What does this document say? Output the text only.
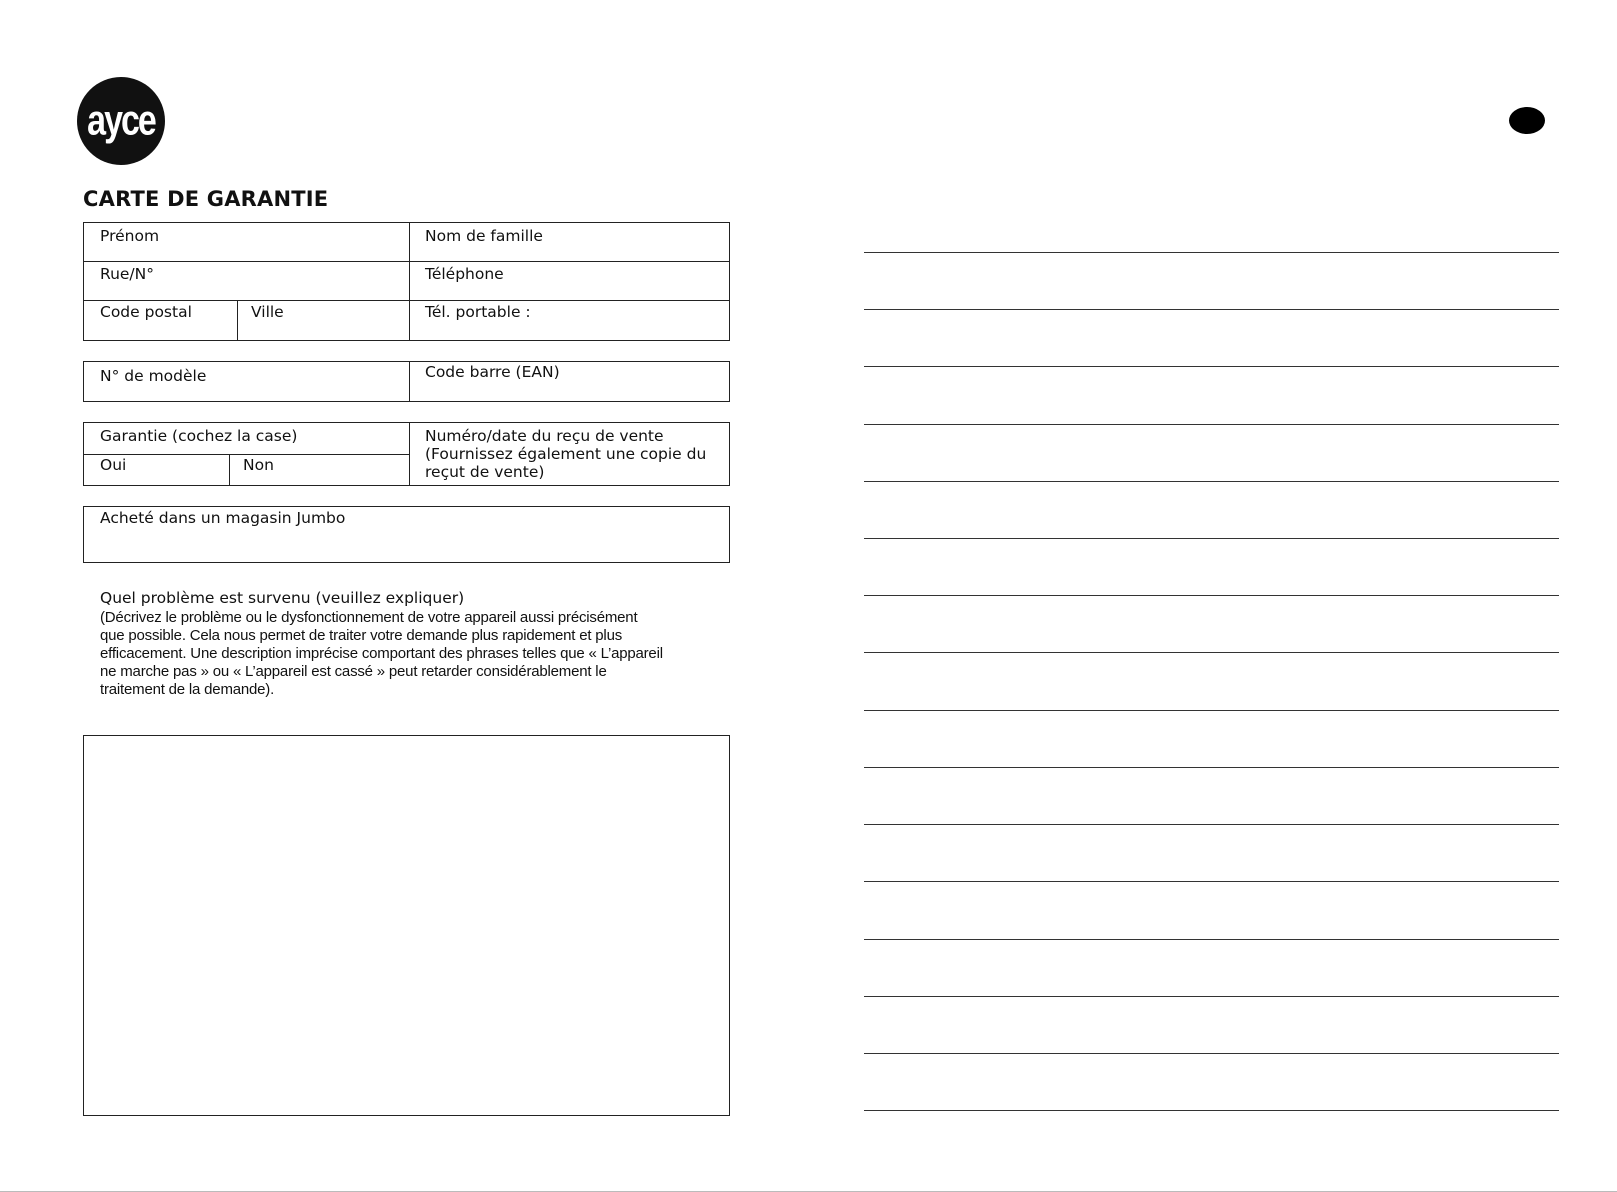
ayce
CARTE DE GARANTIE
Prénom	Nom de famille
Rue/N°	Téléphone
Code postal	Ville	Tél. portable :
N° de modèle	Code barre (EAN)
Garantie (cochez la case)
Oui	Non
Numéro/date du reçu de vente
(Fournissez également une copie du
reçut de vente)
Acheté dans un magasin Jumbo
Quel problème est survenu (veuillez expliquer)
(Décrivez le problème ou le dysfonctionnement de votre appareil aussi précisément
que possible. Cela nous permet de traiter votre demande plus rapidement et plus
efficacement. Une description imprécise comportant des phrases telles que « L’appareil
ne marche pas » ou « L’appareil est cassé » peut retarder considérablement le
traitement de la demande).
